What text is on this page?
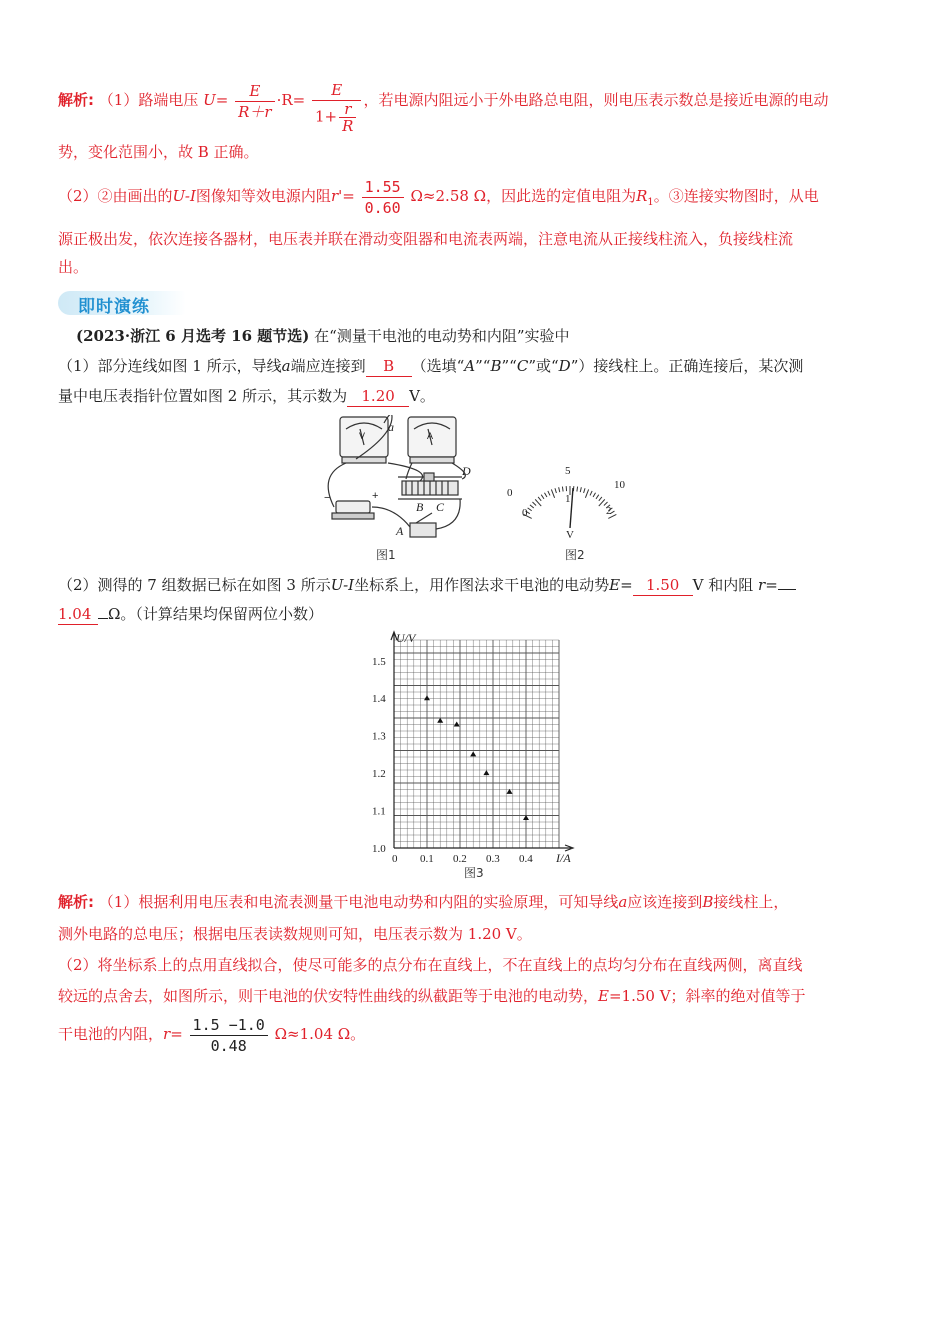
解析: （1）路端电压 $U= \frac{E}{R+r} \cdot R= \frac{E}{1+ \frac{r}{R}}$ ，若电源内阻远小于外电路总电阻，则电压表示数总是接近电源的电动
势，变化范围小，故 B 正确。
（2）②由画出的U-I图像知等效电源内阻$r'= \frac{1.55}{0.60} \Omega\approx 2.58$ Ω，因此选的定值电阻为$R_1$。③连接实物图时，从电
源正极出发，依次连接各器材，电压表并联在滑动变阻器和电流表两端，注意电流从正接线柱流入，负接线柱流
出。
即时演练
(2023·浙江 6 月选考 16 题节选) 在“测量干电池的电动势和内阻”实验中
（1）部分连线如图 1 所示，导线a端应连接到 B （选填“A”“B”“C”或“D”）接线柱上。正确连接后，某次测
量中电压表指针位置如图 2 所示，其示数为 1.20 V。
a
D
B C
A
V	A
−	+
图1
0
5
10
0
1
2
V
图2
（2）测得的 7 组数据已标在如图 3 所示U-I坐标系上，用作图法求干电池的电动势E= 1.50 V 和内阻 r=
1.04 Ω。（计算结果均保留两位小数）
0.1 0.2 0.3 0.4
0
1.0
1.1
1.2
1.3
1.4
1.5
U/V
I/A
图3
解析: （1）根据利用电压表和电流表测量干电池电动势和内阻的实验原理，可知导线a应该连接到B接线柱上，
测外电路的总电压；根据电压表读数规则可知，电压表示数为 1.20 V。
（2）将坐标系上的点用直线拟合，使尽可能多的点分布在直线上，不在直线上的点均匀分布在直线两侧，离直线
较远的点舍去，如图所示，则干电池的伏安特性曲线的纵截距等于电池的电动势，E=1.50 V；斜率的绝对值等于
干电池的内阻，$r= \frac{1.5 -1.0}{0.48} \Omega\approx 1.04$ Ω。
